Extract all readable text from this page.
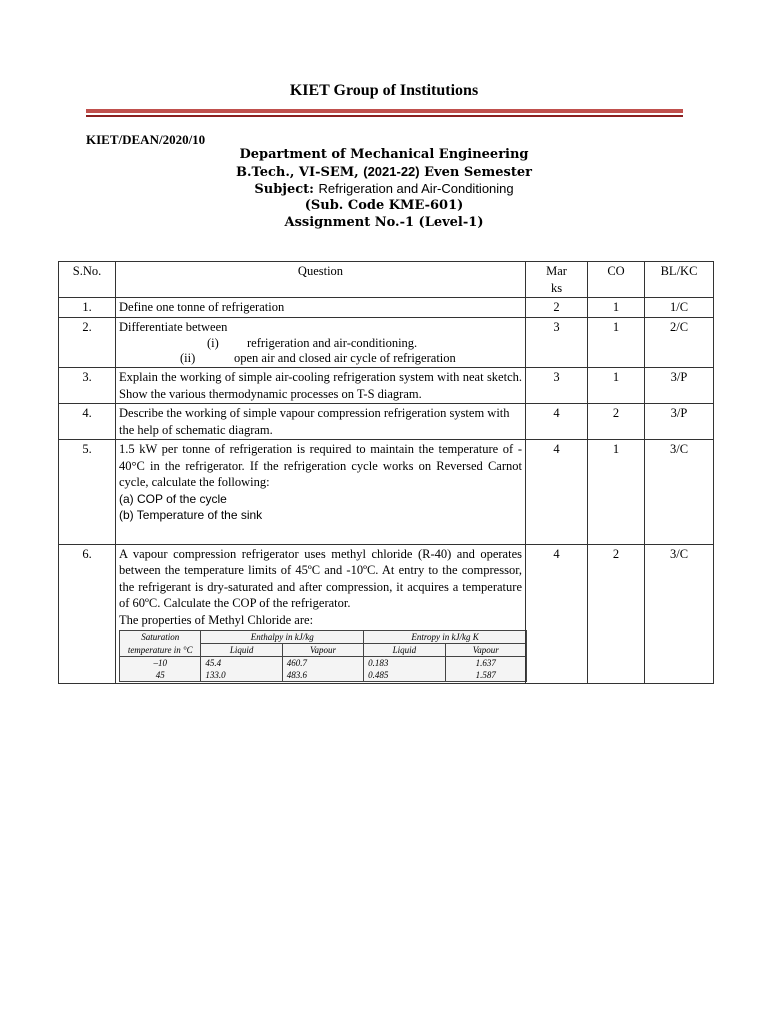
KIET Group of Institutions
KIET/DEAN/2020/10
Department of Mechanical Engineering
B.Tech., VI-SEM, (2021-22) Even Semester
Subject: Refrigeration and Air-Conditioning
(Sub. Code KME-601)
Assignment No.-1 (Level-1)
S.No.	Question	Mar ks	CO	BL/KC
1.	Define one tonne of refrigeration	2	1	1/C
2.	Differentiate between
(i) refrigeration and air-conditioning.
(ii)	open air and closed air cycle of refrigeration
	3	1	2/C
3.	Explain the working of simple air-cooling refrigeration system with neat sketch. Show the various thermodynamic processes on T-S diagram.	3	1	3/P
4.	Describe the working of simple vapour compression refrigeration system with the help of schematic diagram.	4	2	3/P
5.	1.5 kW per tonne of refrigeration is required to maintain the temperature of - 40°C in the refrigerator. If the refrigeration cycle works on Reversed Carnot cycle, calculate the following:
(a) COP of the cycle
(b) Temperature of the sink
	4	1	3/C
6.	A vapour compression refrigerator uses methyl chloride (R-40) and operates between the temperature limits of 45ºC and -10ºC. At entry to the compressor, the refrigerant is dry-saturated and after compression, it acquires a temperature of 60ºC. Calculate the COP of the refrigerator.
The properties of Methyl Chloride are:
Saturation	Enthalpy in kJ/kg	Entropy in kJ/kg K
temperature in °C	Liquid	Vapour	Liquid	Vapour
–10	45.4	460.7	0.183	1.637
45	133.0	483.6	0.485	1.587
	4	2	3/C
